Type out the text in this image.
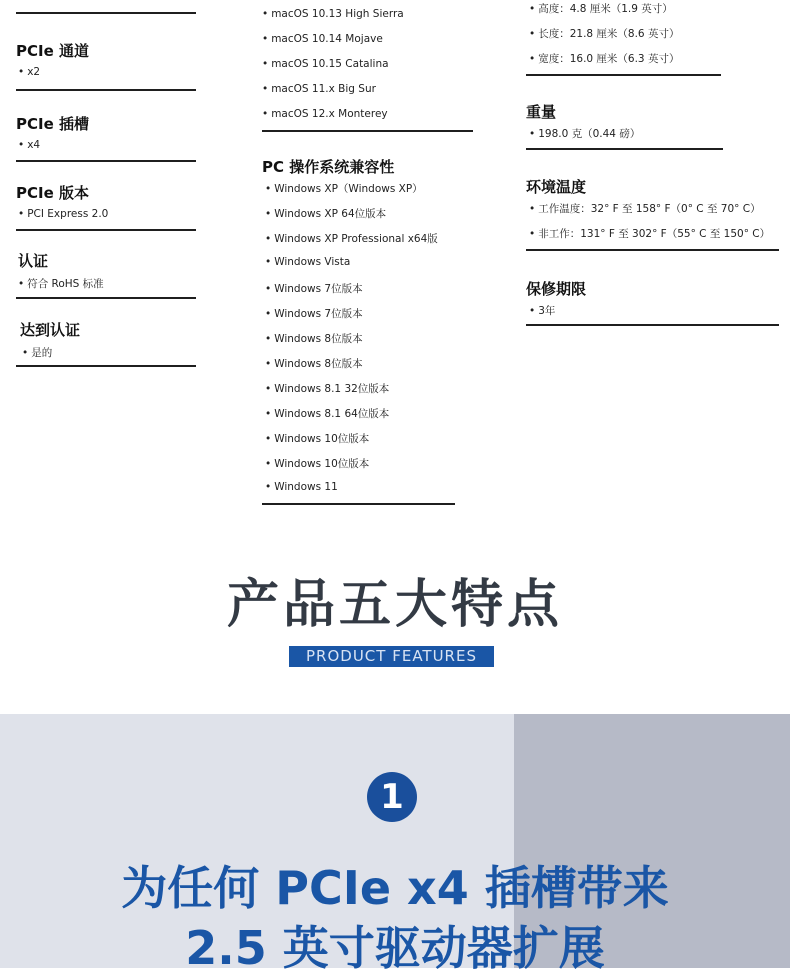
PCIe 通道
• x2
PCIe 插槽
• x4
PCIe 版本
• PCI Express 2.0
认证
• 符合 RoHS 标准
达到认证
• 是的
• macOS 10.13 High Sierra
• macOS 10.14 Mojave
• macOS 10.15 Catalina
• macOS 11.x Big Sur
• macOS 12.x Monterey
PC 操作系统兼容性
• Windows XP（Windows XP）
• Windows XP 64位版本
• Windows XP Professional x64版
• Windows Vista
• Windows 7位版本
• Windows 7位版本
• Windows 8位版本
• Windows 8位版本
• Windows 8.1 32位版本
• Windows 8.1 64位版本
• Windows 10位版本
• Windows 10位版本
• Windows 11
• 高度：4.8 厘米（1.9 英寸）
• 长度：21.8 厘米（8.6 英寸）
• 宽度：16.0 厘米（6.3 英寸）
重量
• 198.0 克（0.44 磅）
环境温度
• 工作温度：32° F 至 158° F（0° C 至 70° C）
• 非工作：131° F 至 302° F（55° C 至 150° C）
保修期限
• 3年
产品五大特点
PRODUCT FEATURES
1
为任何 PCIe x4 插槽带来
2.5 英寸驱动器扩展
